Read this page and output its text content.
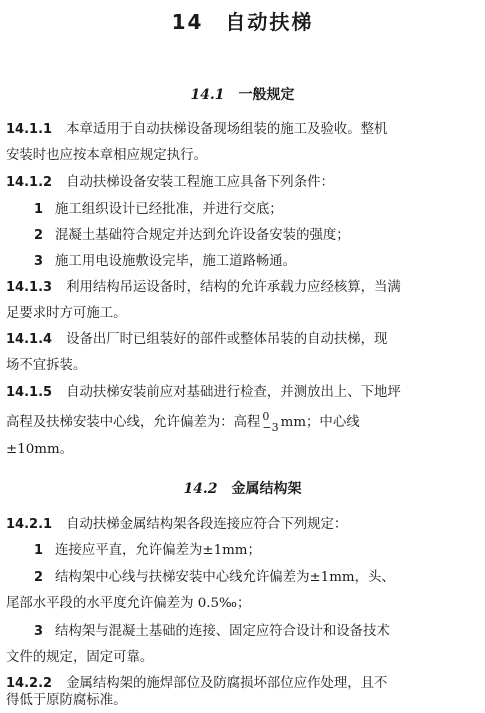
14　自动扶梯
14.1 一般规定
14.1.1 本章适用于自动扶梯设备现场组装的施工及验收。整机
安装时也应按本章相应规定执行。
14.1.2 自动扶梯设备安装工程施工应具备下列条件：
1 施工组织设计已经批准，并进行交底；
2 混凝土基础符合规定并达到允许设备安装的强度；
3 施工用电设施敷设完毕，施工道路畅通。
14.1.3 利用结构吊运设备时，结构的允许承载力应经核算，当满
足要求时方可施工。
14.1.4 设备出厂时已组装好的部件或整体吊装的自动扶梯，现
场不宜拆装。
14.1.5 自动扶梯安装前应对基础进行检查，并测放出上、下地坪
高程及扶梯安装中心线，允许偏差为：高程 0
−3 mm；中心线
±10mm。
14.2 金属结构架
14.2.1 自动扶梯金属结构架各段连接应符合下列规定：
1 连接应平直，允许偏差为±1mm；
2 结构架中心线与扶梯安装中心线允许偏差为±1mm，头、
尾部水平段的水平度允许偏差为 0.5‰；
3 结构架与混凝土基础的连接、固定应符合设计和设备技术
文件的规定，固定可靠。
14.2.2 金属结构架的施焊部位及防腐损坏部位应作处理，且不
得低于原防腐标准。
